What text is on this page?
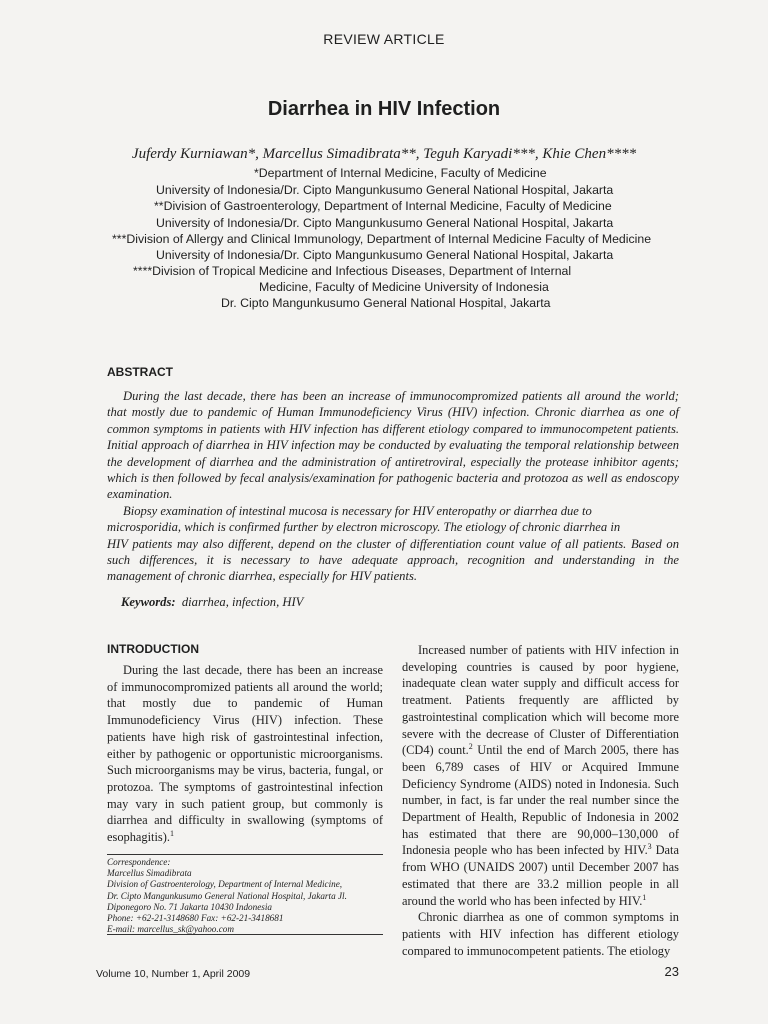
REVIEW ARTICLE
Diarrhea in HIV Infection
Juferdy Kurniawan*, Marcellus Simadibrata**, Teguh Karyadi***, Khie Chen****
*Department of Internal Medicine, Faculty of Medicine
University of Indonesia/Dr. Cipto Mangunkusumo General National Hospital, Jakarta
**Division of Gastroenterology, Department of Internal Medicine, Faculty of Medicine
University of Indonesia/Dr. Cipto Mangunkusumo General National Hospital, Jakarta
***Division of Allergy and Clinical Immunology, Department of Internal Medicine Faculty of Medicine
University of Indonesia/Dr. Cipto Mangunkusumo General National Hospital, Jakarta
****Division of Tropical Medicine and Infectious Diseases, Department of Internal
Medicine, Faculty of Medicine University of Indonesia
Dr. Cipto Mangunkusumo General National Hospital, Jakarta
ABSTRACT

During the last decade, there has been an increase of immunocompromized patients all around the world; that mostly due to pandemic of Human Immunodeficiency Virus (HIV) infection. Chronic diarrhea as one of common symptoms in patients with HIV infection has different etiology compared to immunocompetent patients. Initial approach of diarrhea in HIV infection may be conducted by evaluating the temporal relationship between the development of diarrhea and the administration of antiretroviral, especially the protease inhibitor agents; which is then followed by fecal analysis/examination for pathogenic bacteria and protozoa as well as endoscopy examination.

Biopsy examination of intestinal mucosa is necessary for HIV enteropathy or diarrhea due to
microsporidia, which is confirmed further by electron microscopy. The etiology of chronic diarrhea in
HIV patients may also different, depend on the cluster of differentiation count value of all patients. Based on
such differences, it is necessary to have adequate approach, recognition and understanding in the
management of chronic diarrhea, especially for HIV patients.
Keywords: diarrhea, infection, HIV
INTRODUCTION

During the last decade, there has been an increase of immunocompromized patients all around the world; that mostly due to pandemic of Human Immunodeficiency Virus (HIV) infection. These patients have high risk of gastrointestinal infection, either by pathogenic or opportunistic microorganisms. Such microorganisms may be virus, bacteria, fungal, or protozoa. The symptoms of gastrointestinal infection may vary in such patient group, but commonly is diarrhea and difficulty in swallowing (symptoms of esophagitis).$^1$

Correspondence:
Marcellus Simadibrata
Division of Gastroenterology, Department of Internal Medicine,
Dr. Cipto Mangunkusumo General National Hospital, Jakarta Jl.
Diponegoro No. 71 Jakarta 10430 Indonesia
Phone: +62-21-3148680 Fax: +62-21-3418681
E-mail: marcellus_sk@yahoo.com

Increased number of patients with HIV infection in developing countries is caused by poor hygiene, inadequate clean water supply and difficult access for treatment. Patients frequently are afflicted by gastrointestinal complication which will become more severe with the decrease of Cluster of Differentiation (CD4) count.$^2$ Until the end of March 2005, there has been 6,789 cases of HIV or Acquired Immune Deficiency Syndrome (AIDS) noted in Indonesia. Such number, in fact, is far under the real number since the Department of Health, Republic of Indonesia in 2002 has estimated that there are 90,000–130,000 of Indonesia people who has been infected by HIV.$^3$ Data from WHO (UNAIDS 2007) until December 2007 has estimated that there are 33.2 million people in all around the world who has been infected by HIV.$^1$

Chronic diarrhea as one of common symptoms in patients with HIV infection has different etiology compared to immunocompetent patients. The etiology

Volume 10, Number 1, April 2009	23
